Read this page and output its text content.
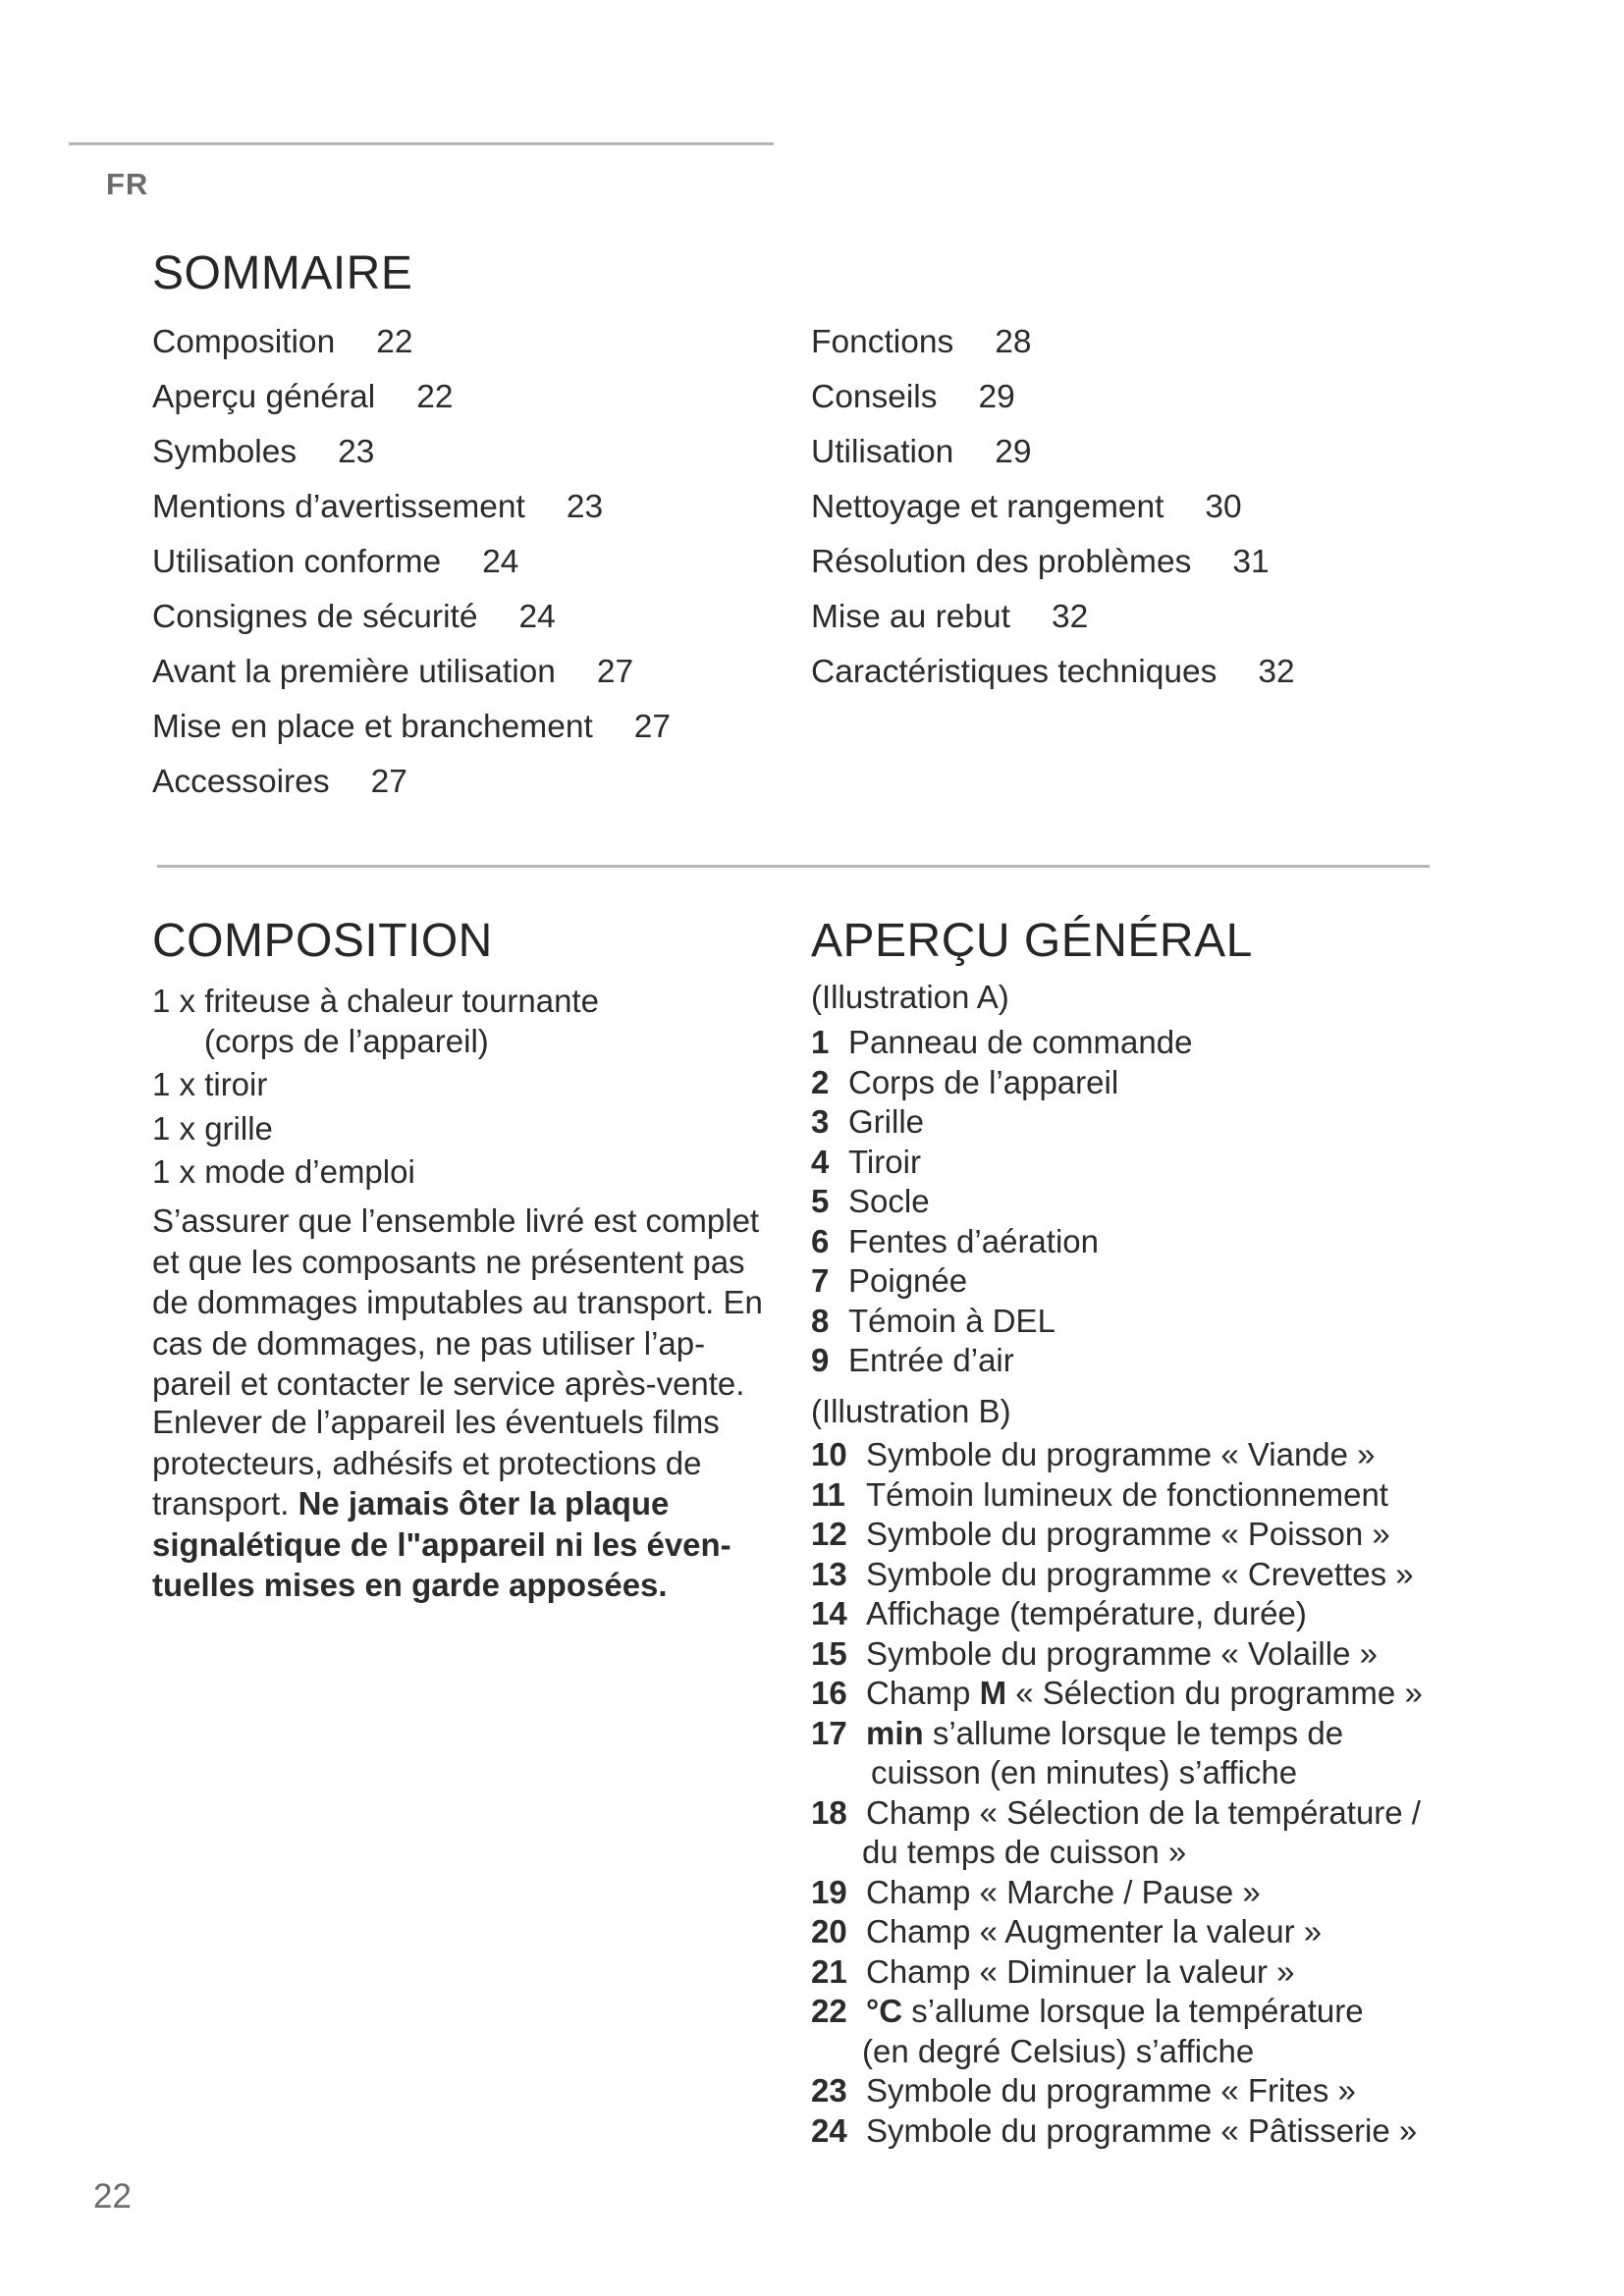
FR
SOMMAIRE
Composition 22
Aperçu général 22
Symboles 23
Mentions d’avertissement 23
Utilisation conforme 24
Consignes de sécurité 24
Avant la première utilisation 27
Mise en place et branchement 27
Accessoires 27
Fonctions 28
Conseils 29
Utilisation 29
Nettoyage et rangement 30
Résolution des problèmes 31
Mise au rebut 32
Caractéristiques techniques 32
COMPOSITION
1 x friteuse à chaleur tournante
(corps de l’appareil)
1 x tiroir
1 x grille
1 x mode d’emploi
S’assurer que l’ensemble livré est complet et que les composants ne présentent pas de dommages imputables au transport. En cas de dommages, ne pas utiliser l’ap-pareil et contacter le service après-vente.
Enlever de l’appareil les éventuels films protecteurs, adhésifs et protections de transport. Ne jamais ôter la plaque signalétique de l"appareil ni les éven-tuelles mises en garde apposées.
APERÇU GÉNÉRAL
(Illustration A)
1 Panneau de commande
2 Corps de l’appareil
3 Grille
4 Tiroir
5 Socle
6 Fentes d’aération
7 Poignée
8 Témoin à DEL
9 Entrée d’air
(Illustration B)
10 Symbole du programme « Viande »
11 Témoin lumineux de fonctionnement
12 Symbole du programme « Poisson »
13 Symbole du programme « Crevettes »
14 Affichage (température, durée)
15 Symbole du programme « Volaille »
16 Champ M « Sélection du programme »
17 min s’allume lorsque le temps de
cuisson (en minutes) s’affiche
18 Champ « Sélection de la température /
du temps de cuisson »
19 Champ « Marche / Pause »
20 Champ « Augmenter la valeur »
21 Champ « Diminuer la valeur »
22 °C s’allume lorsque la température
(en degré Celsius) s’affiche
23 Symbole du programme « Frites »
24 Symbole du programme « Pâtisserie »
22
